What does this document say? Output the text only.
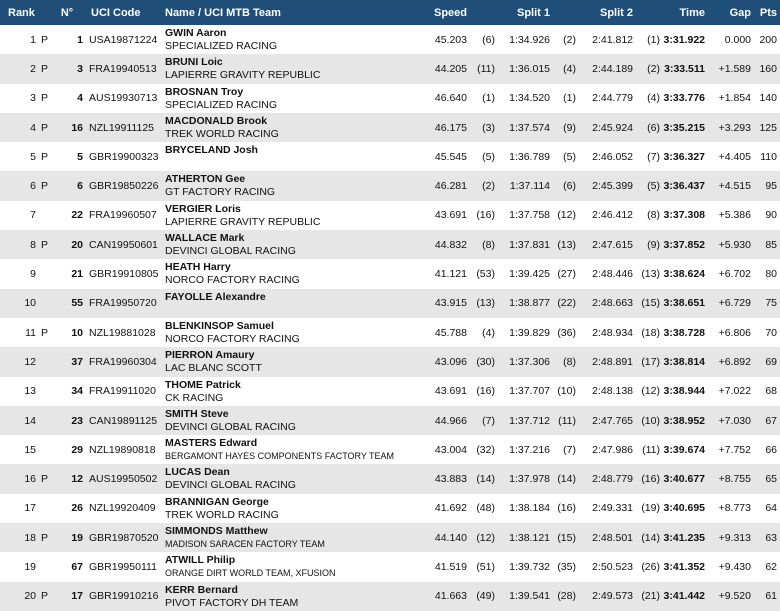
Rank	N°	UCI Code	Name / UCI MTB Team	Speed		Split 1		Split 2		Time	Gap	Pts
1 P	1	USA19871224	GWIN Aaron
SPECIALIZED RACING	45.203	(6)	1:34.926	(2)	2:41.812	(1)	3:31.922	0.000	200
2 P	3	FRA19940513	BRUNI Loic
LAPIERRE GRAVITY REPUBLIC	44.205	(11)	1:36.015	(4)	2:44.189	(2)	3:33.511	+1.589	160
3 P	4	AUS19930713	BROSNAN Troy
SPECIALIZED RACING	46.640	(1)	1:34.520	(1)	2:44.779	(4)	3:33.776	+1.854	140
4 P	16	NZL19911125	MACDONALD Brook
TREK WORLD RACING	46.175	(3)	1:37.574	(9)	2:45.924	(6)	3:35.215	+3.293	125
5 P	5	GBR19900323	BRYCELAND Josh	45.545	(5)	1:36.789	(5)	2:46.052	(7)	3:36.327	+4.405	110
6 P	6	GBR19850226	ATHERTON Gee
GT FACTORY RACING	46.281	(2)	1:37.114	(6)	2:45.399	(5)	3:36.437	+4.515	95
7	22	FRA19960507	VERGIER Loris
LAPIERRE GRAVITY REPUBLIC	43.691	(16)	1:37.758	(12)	2:46.412	(8)	3:37.308	+5.386	90
8 P	20	CAN19950601	WALLACE Mark
DEVINCI GLOBAL RACING	44.832	(8)	1:37.831	(13)	2:47.615	(9)	3:37.852	+5.930	85
9	21	GBR19910805	HEATH Harry
NORCO FACTORY RACING	41.121	(53)	1:39.425	(27)	2:48.446	(13)	3:38.624	+6.702	80
10	55	FRA19950720	FAYOLLE Alexandre	43.915	(13)	1:38.877	(22)	2:48.663	(15)	3:38.651	+6.729	75
11 P	10	NZL19881028	BLENKINSOP Samuel
NORCO FACTORY RACING	45.788	(4)	1:39.829	(36)	2:48.934	(18)	3:38.728	+6.806	70
12	37	FRA19960304	PIERRON Amaury
LAC BLANC SCOTT	43.096	(30)	1:37.306	(8)	2:48.891	(17)	3:38.814	+6.892	69
13	34	FRA19911020	THOME Patrick
CK RACING	43.691	(16)	1:37.707	(10)	2:48.138	(12)	3:38.944	+7.022	68
14	23	CAN19891125	SMITH Steve
DEVINCI GLOBAL RACING	44.966	(7)	1:37.712	(11)	2:47.765	(10)	3:38.952	+7.030	67
15	29	NZL19890818	MASTERS Edward
BERGAMONT HAYES COMPONENTS FACTORY TEAM	43.004	(32)	1:37.216	(7)	2:47.986	(11)	3:39.674	+7.752	66
16 P	12	AUS19950502	LUCAS Dean
DEVINCI GLOBAL RACING	43.883	(14)	1:37.978	(14)	2:48.779	(16)	3:40.677	+8.755	65
17	26	NZL19920409	BRANNIGAN George
TREK WORLD RACING	41.692	(48)	1:38.184	(16)	2:49.331	(19)	3:40.695	+8.773	64
18 P	19	GBR19870520	SIMMONDS Matthew
MADISON SARACEN FACTORY TEAM	44.140	(12)	1:38.121	(15)	2:48.501	(14)	3:41.235	+9.313	63
19	67	GBR19950111	ATWILL Philip
ORANGE DIRT WORLD TEAM, XFUSION	41.519	(51)	1:39.732	(35)	2:50.523	(26)	3:41.352	+9.430	62
20 P	17	GBR19910216	KERR Bernard
PIVOT FACTORY DH TEAM	41.663	(49)	1:39.541	(28)	2:49.573	(21)	3:41.442	+9.520	61
